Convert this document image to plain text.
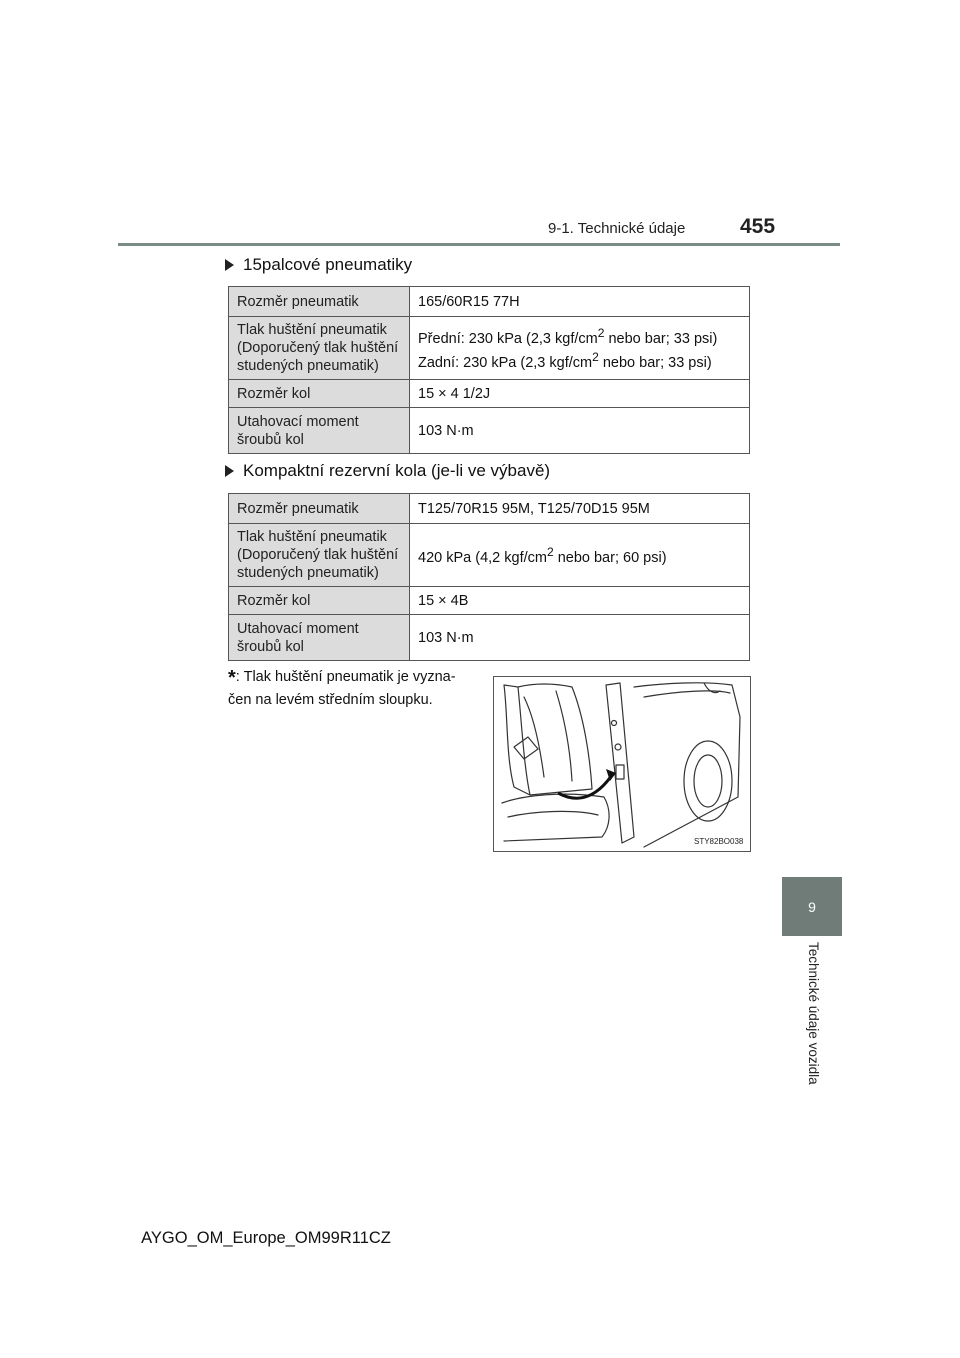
9-1. Technické údaje	455
9
Technické údaje vozidla
15palcové pneumatiky
Rozměr pneumatik	165/60R15 77H
Tlak huštění pneumatik (Doporučený tlak huštění studených pneumatik)	Přední: 230 kPa (2,3 kgf/$cm^2$ nebo bar; 33 psi)
Zadní: 230 kPa (2,3 kgf/$cm^2$ nebo bar; 33 psi)

Rozměr kol	15 × 4 1/2J
Utahovací moment šroubů kol	103 N·m
Kompaktní rezervní kola (je-li ve výbavě)
Rozměr pneumatik	T125/70R15 95M, T125/70D15 95M
Tlak huštění pneumatik (Doporučený tlak huštění studených pneumatik)	420 kPa (4,2 kgf/$cm^2$ nebo bar; 60 psi)
Rozměr kol	15 × 4B
Utahovací moment šroubů kol	103 N·m
*: Tlak huštění pneumatik je vyzna-čen na levém středním sloupku.
STY82BO038
AYGO_OM_Europe_OM99R11CZ
